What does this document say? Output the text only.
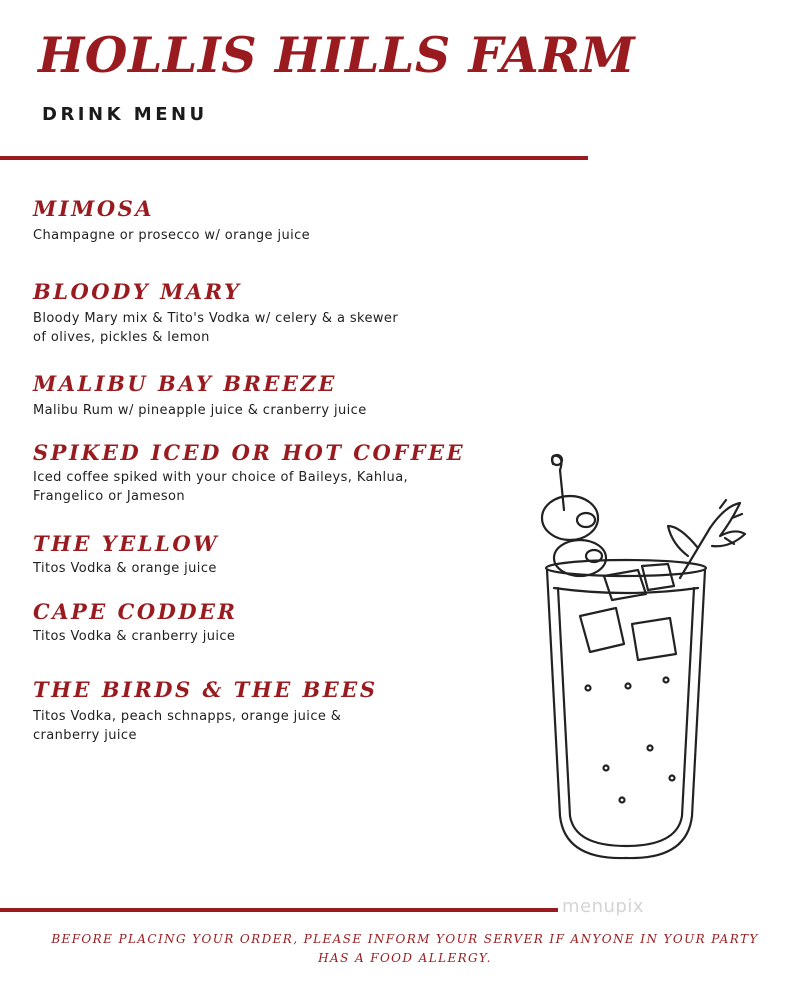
HOLLIS HILLS FARM
DRINK MENU
MIMOSA
Champagne or prosecco w/ orange juice
BLOODY MARY
Bloody Mary mix & Tito's Vodka w/ celery & a skewer
of olives, pickles & lemon
MALIBU BAY BREEZE
Malibu Rum w/ pineapple juice & cranberry juice
SPIKED ICED OR HOT COFFEE
Iced coffee spiked with your choice of Baileys, Kahlua,
Frangelico or Jameson
THE YELLOW
Titos Vodka & orange juice
CAPE CODDER
Titos Vodka & cranberry juice
THE BIRDS & THE BEES
Titos Vodka, peach schnapps, orange juice &
cranberry juice
menupix
BEFORE PLACING YOUR ORDER, PLEASE INFORM YOUR SERVER IF ANYONE IN YOUR PARTY
HAS A FOOD ALLERGY.
